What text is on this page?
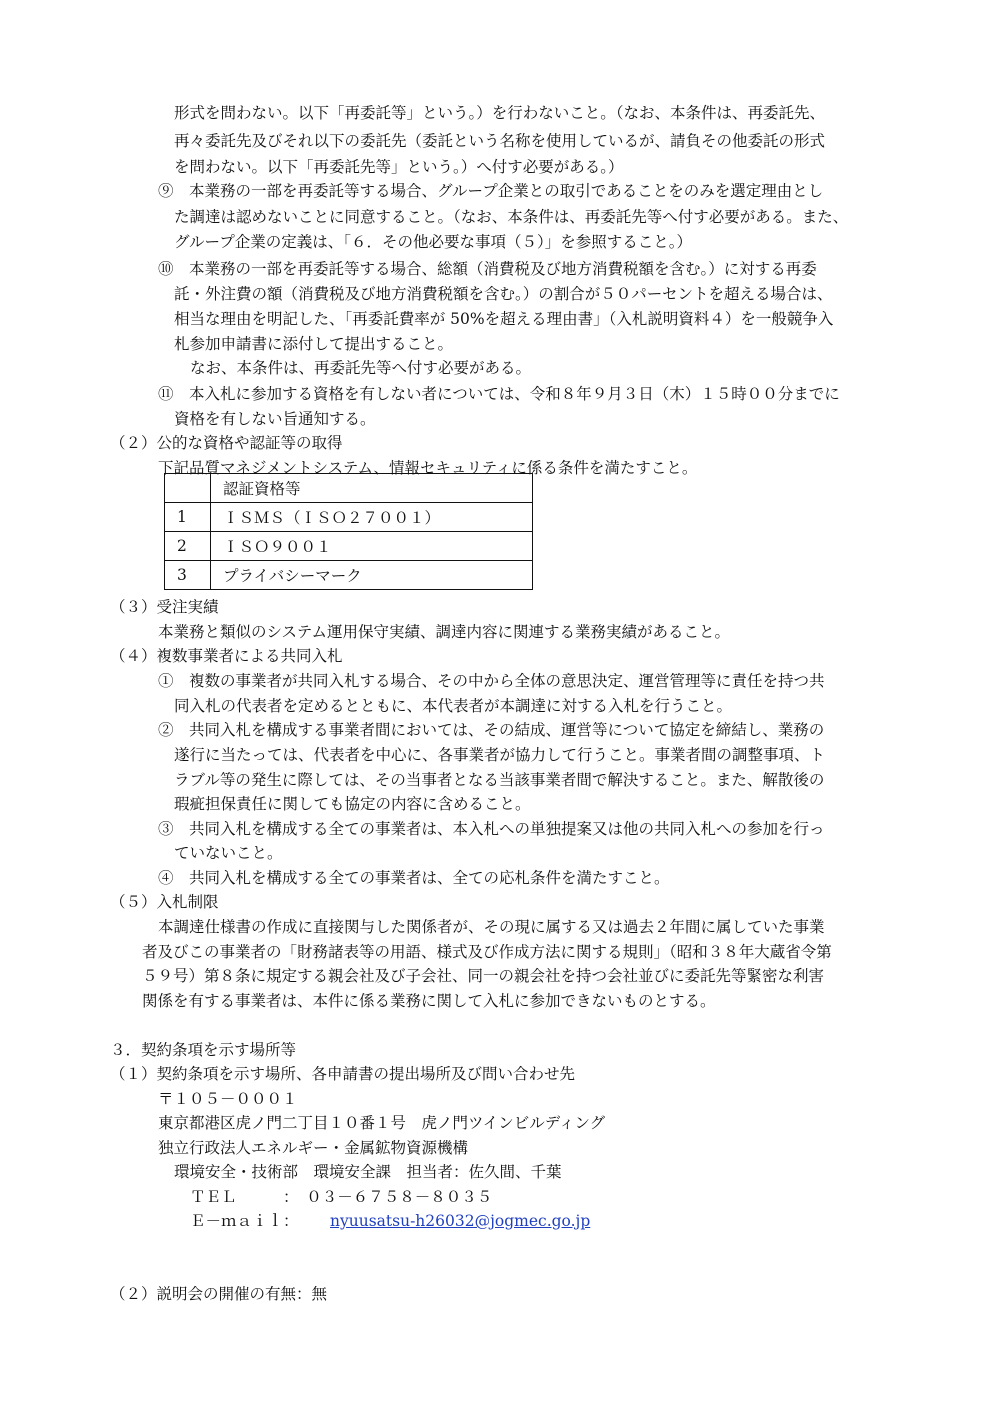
形式を問わない。以下「再委託等」という。）を行わないこと。（なお、本条件は、再委託先、
再々委託先及びそれ以下の委託先（委託という名称を使用しているが、請負その他委託の形式
を問わない。以下「再委託先等」という。）へ付す必要がある。）
⑨　本業務の一部を再委託等する場合、グループ企業との取引であることをのみを選定理由とし
た調達は認めないことに同意すること。（なお、本条件は、再委託先等へ付す必要がある。また、
グループ企業の定義は、「６．その他必要な事項（５）」を参照すること。）
⑩　本業務の一部を再委託等する場合、総額（消費税及び地方消費税額を含む。）に対する再委
託・外注費の額（消費税及び地方消費税額を含む。）の割合が５０パーセントを超える場合は、
相当な理由を明記した、「再委託費率が 50%を超える理由書」（入札説明資料４）を一般競争入
札参加申請書に添付して提出すること。
なお、本条件は、再委託先等へ付す必要がある。
⑪　本入札に参加する資格を有しない者については、令和８年９月３日（木）１５時００分までに
資格を有しない旨通知する。
（２）公的な資格や認証等の取得
下記品質マネジメントシステム、情報セキュリティに係る条件を満たすこと。
	認証資格等
1	ＩＳＭＳ（ＩＳＯ２７００１）
2	ＩＳＯ９００１
3	プライバシーマーク
（３）受注実績
本業務と類似のシステム運用保守実績、調達内容に関連する業務実績があること。
（４）複数事業者による共同入札
①　複数の事業者が共同入札する場合、その中から全体の意思決定、運営管理等に責任を持つ共
同入札の代表者を定めるとともに、本代表者が本調達に対する入札を行うこと。
②　共同入札を構成する事業者間においては、その結成、運営等について協定を締結し、業務の
遂行に当たっては、代表者を中心に、各事業者が協力して行うこと。事業者間の調整事項、ト
ラブル等の発生に際しては、その当事者となる当該事業者間で解決すること。また、解散後の
瑕疵担保責任に関しても協定の内容に含めること。
③　共同入札を構成する全ての事業者は、本入札への単独提案又は他の共同入札への参加を行っ
ていないこと。
④　共同入札を構成する全ての事業者は、全ての応札条件を満たすこと。
（５）入札制限
本調達仕様書の作成に直接関与した関係者が、その現に属する又は過去２年間に属していた事業
者及びこの事業者の「財務諸表等の用語、様式及び作成方法に関する規則」（昭和３８年大蔵省令第
５９号）第８条に規定する親会社及び子会社、同一の親会社を持つ会社並びに委託先等緊密な利害
関係を有する事業者は、本件に係る業務に関して入札に参加できないものとする。
３．契約条項を示す場所等
（１）契約条項を示す場所、各申請書の提出場所及び問い合わせ先
〒１０５－０００１
東京都港区虎ノ門二丁目１０番１号　虎ノ門ツインビルディング
独立行政法人エネルギー・金属鉱物資源機構
環境安全・技術部　環境安全課　担当者：佐久間、千葉
ＴＥＬ　　　：　０３－６７５８－８０３５
Ｅ－ｍａｉｌ： nyuusatsu-h26032@jogmec.go.jp
（２）説明会の開催の有無：無
